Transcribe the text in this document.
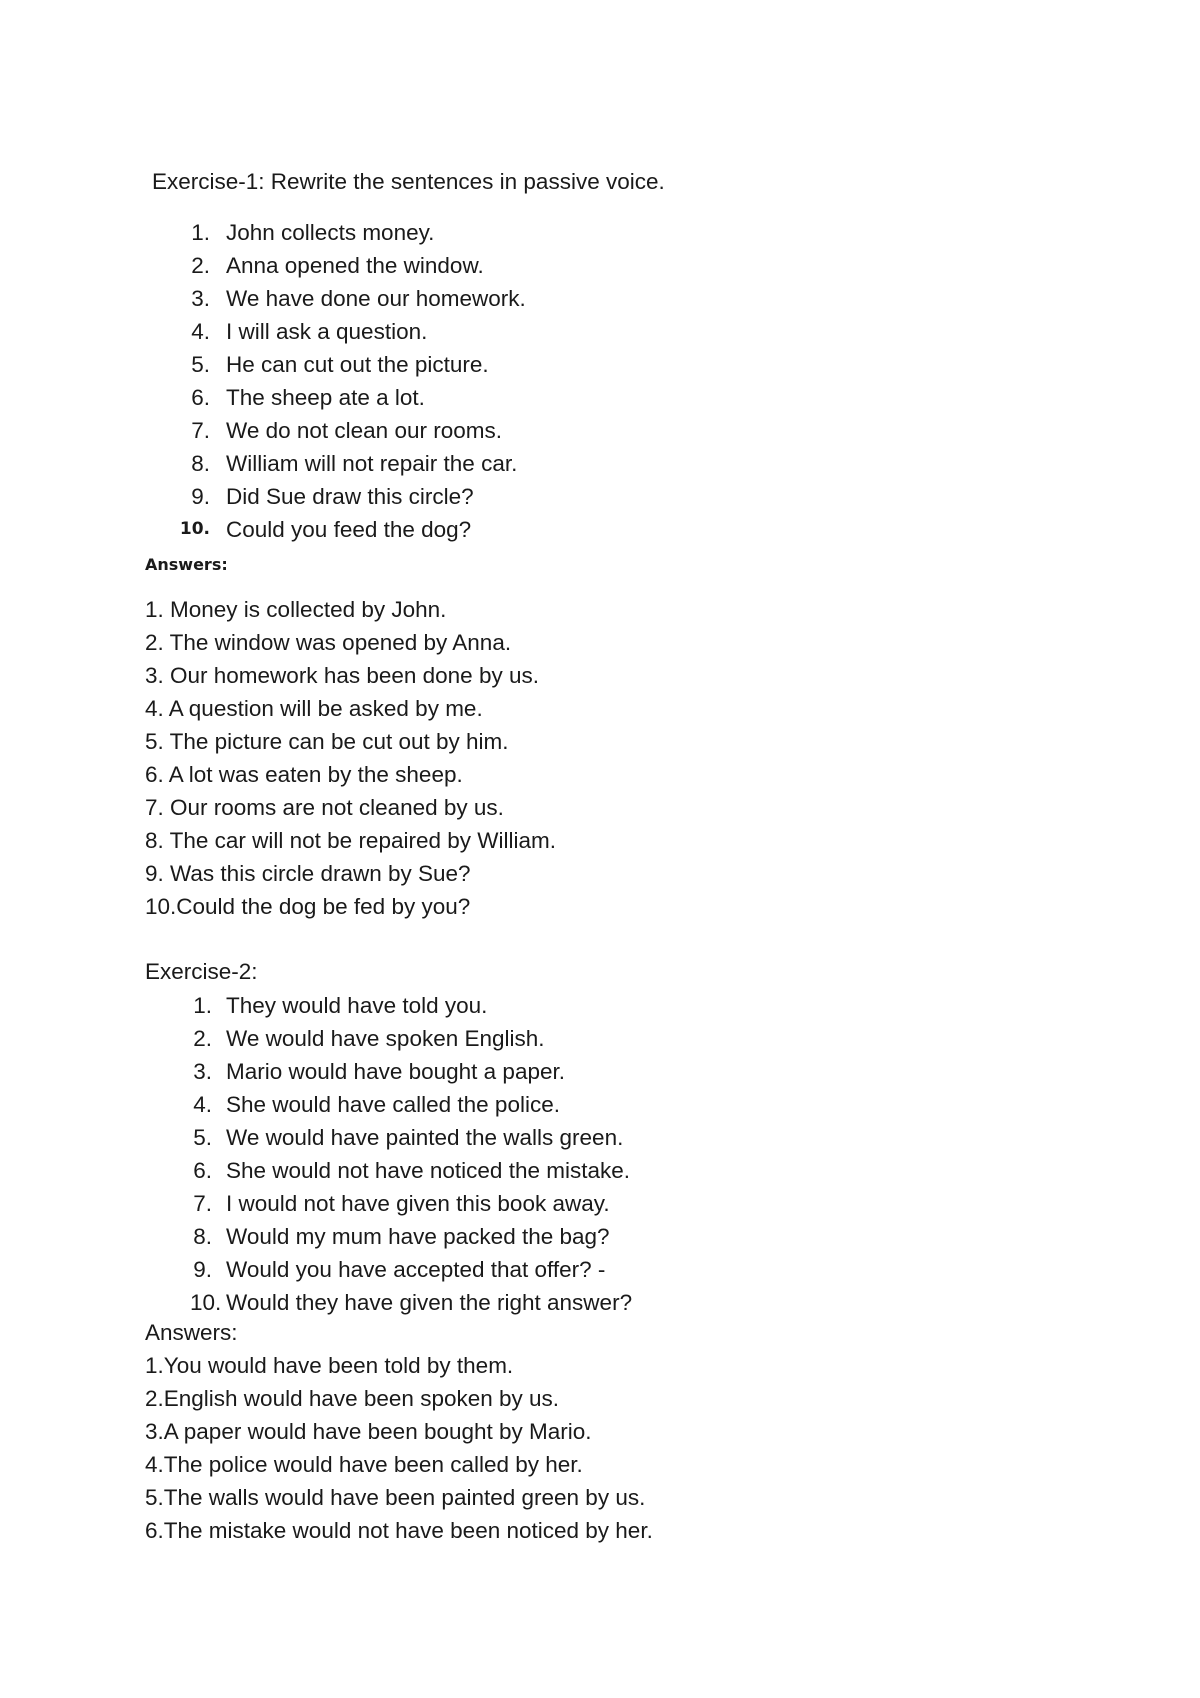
Exercise-1: Rewrite the sentences in passive voice.
1. John collects money.
2. Anna opened the window.
3. We have done our homework.
4. I will ask a question.
5. He can cut out the picture.
6. The sheep ate a lot.
7. We do not clean our rooms.
8. William will not repair the car.
9. Did Sue draw this circle?
10. Could you feed the dog?
Answers:
1. Money is collected by John.
2. The window was opened by Anna.
3. Our homework has been done by us.
4. A question will be asked by me.
5. The picture can be cut out by him.
6. A lot was eaten by the sheep.
7. Our rooms are not cleaned by us.
8. The car will not be repaired by William.
9. Was this circle drawn by Sue?
10.Could the dog be fed by you?
Exercise-2:
1. They would have told you.
2. We would have spoken English.
3. Mario would have bought a paper.
4. She would have called the police.
5. We would have painted the walls green.
6. She would not have noticed the mistake.
7. I would not have given this book away.
8. Would my mum have packed the bag?
9. Would you have accepted that offer? -
10. Would they have given the right answer?
Answers:
1.You would have been told by them.
2.English would have been spoken by us.
3.A paper would have been bought by Mario.
4.The police would have been called by her.
5.The walls would have been painted green by us.
6.The mistake would not have been noticed by her.
